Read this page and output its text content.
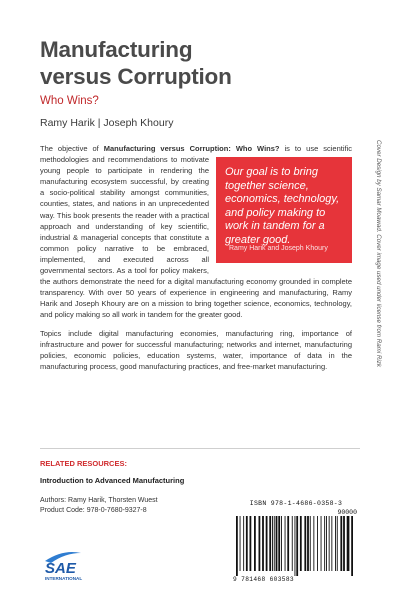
Manufacturing
versus Corruption
Who Wins?
Ramy Harik | Joseph Khoury

The objective of Manufacturing versus Corruption: Who Wins?
Our goal is to bring together science, economics, technology, and policy making to work in tandem for a greater good.
Ramy Harik and Joseph Khoury
is to use scientific methodologies and recommendations to motivate young people to participate in rendering the manufacturing ecosystem successful, by creating a socio-political stability amongst communities, counties, states, and nations in an unprecedented way. This book presents the reader with a practical approach and understanding of key scientific, industrial & managerial concepts that constitute a common policy narrative to be embraced, implemented, and executed across all governmental sectors. As a tool for policy makers, the authors demonstrate the need for a digital manufacturing economy grounded in complete transparency. With over 50 years of experience in engineering and manufacturing, Ramy Harik and Joseph Khoury are on a mission to bring together science, economics, technology, and policy making so all work in tandem for the greater good.

Topics include digital manufacturing economies, manufacturing ring, importance of infrastructure and power for successful manufacturing; networks and internet, manufacturing policies, economic policies, education systems, water, importance of data in the manufacturing process, good manufacturing practices, and free-market manufacturing.

RELATED RESOURCES:
Introduction to Advanced Manufacturing
Authors: Ramy Harik, Thorsten Wuest
Product Code: 978-0-7680-9327-8
ISBN 978-1-4686-0358-3
90000
9 781468 603583
SAE
INTERNATIONAL
Cover Design by Samar Moawad. Cover image used under license from Rami Rizk
